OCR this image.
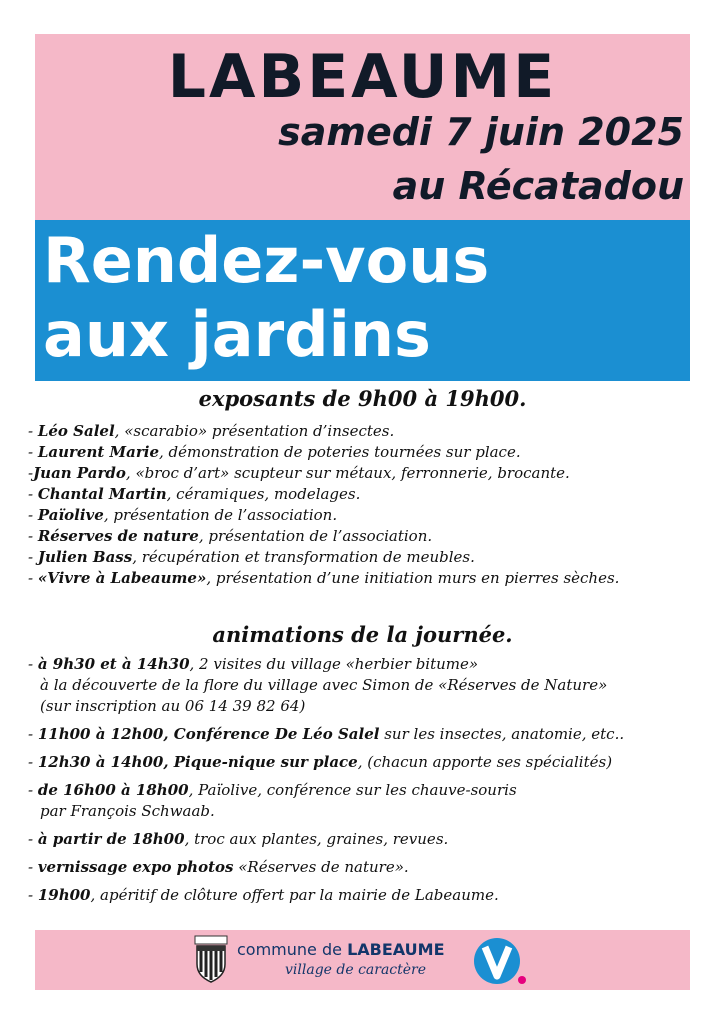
LABEAUME
samedi 7 juin 2025
au Récatadou
Rendez-vous
aux jardins
exposants de 9h00 à 19h00.
- Léo Salel, «scarabio» présentation d’insectes.
- Laurent Marie, démonstration de poteries tournées sur place.
-Juan Pardo, «broc d’art» scupteur sur métaux, ferronnerie, brocante.
- Chantal Martin, céramiques, modelages.
- Païolive, présentation de l’association.
- Réserves de nature, présentation de l’association.
- Julien Bass, récupération et transformation de meubles.
- «Vivre à Labeaume», présentation d’une initiation murs en pierres sèches.
animations de la journée.
- à 9h30 et à 14h30, 2 visites du village «herbier bitume»
à la découverte de la flore du village avec Simon de «Réserves de Nature»
(sur inscription au 06 14 39 82 64)
- 11h00 à 12h00, Conférence De Léo Salel sur les insectes, anatomie, etc..
- 12h30 à 14h00, Pique-nique sur place, (chacun apporte ses spécialités)
- de 16h00 à 18h00, Païolive, conférence sur les chauve-souris
par François Schwaab.
- à partir de 18h00, troc aux plantes, graines, revues.
- vernissage expo photos «Réserves de nature».
- 19h00, apéritif de clôture offert par la mairie de Labeaume.
commune de LABEAUME
village de caractère
